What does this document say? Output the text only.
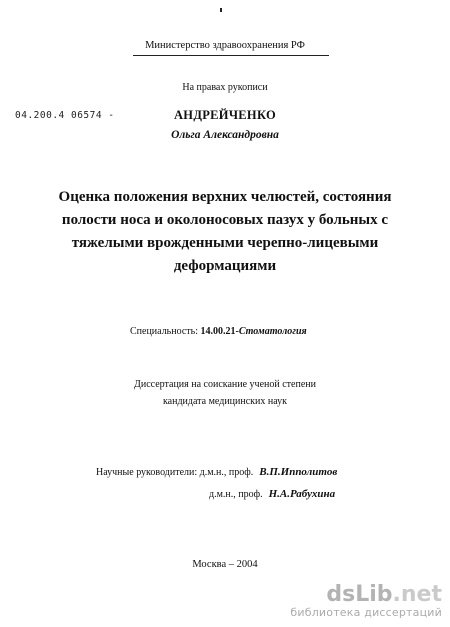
Министерство здравоохранения РФ
На правах рукописи
04.200.4 06574 -	АНДРЕЙЧЕНКО
Ольга Александровна
Оценка положения верхних челюстей, состояния
полости носа и околоносовых пазух у больных с
тяжелыми врожденными черепно-лицевыми
деформациями
Специальность: 14.00.21-Стоматология
Диссертация на соискание ученой степени
кандидата медицинских наук
Научные руководители: д.м.н., проф. В.П.Ипполитов
д.м.н., проф. Н.А.Рабухина
Москва – 2004
dsLib.net
библиотека диссертаций
